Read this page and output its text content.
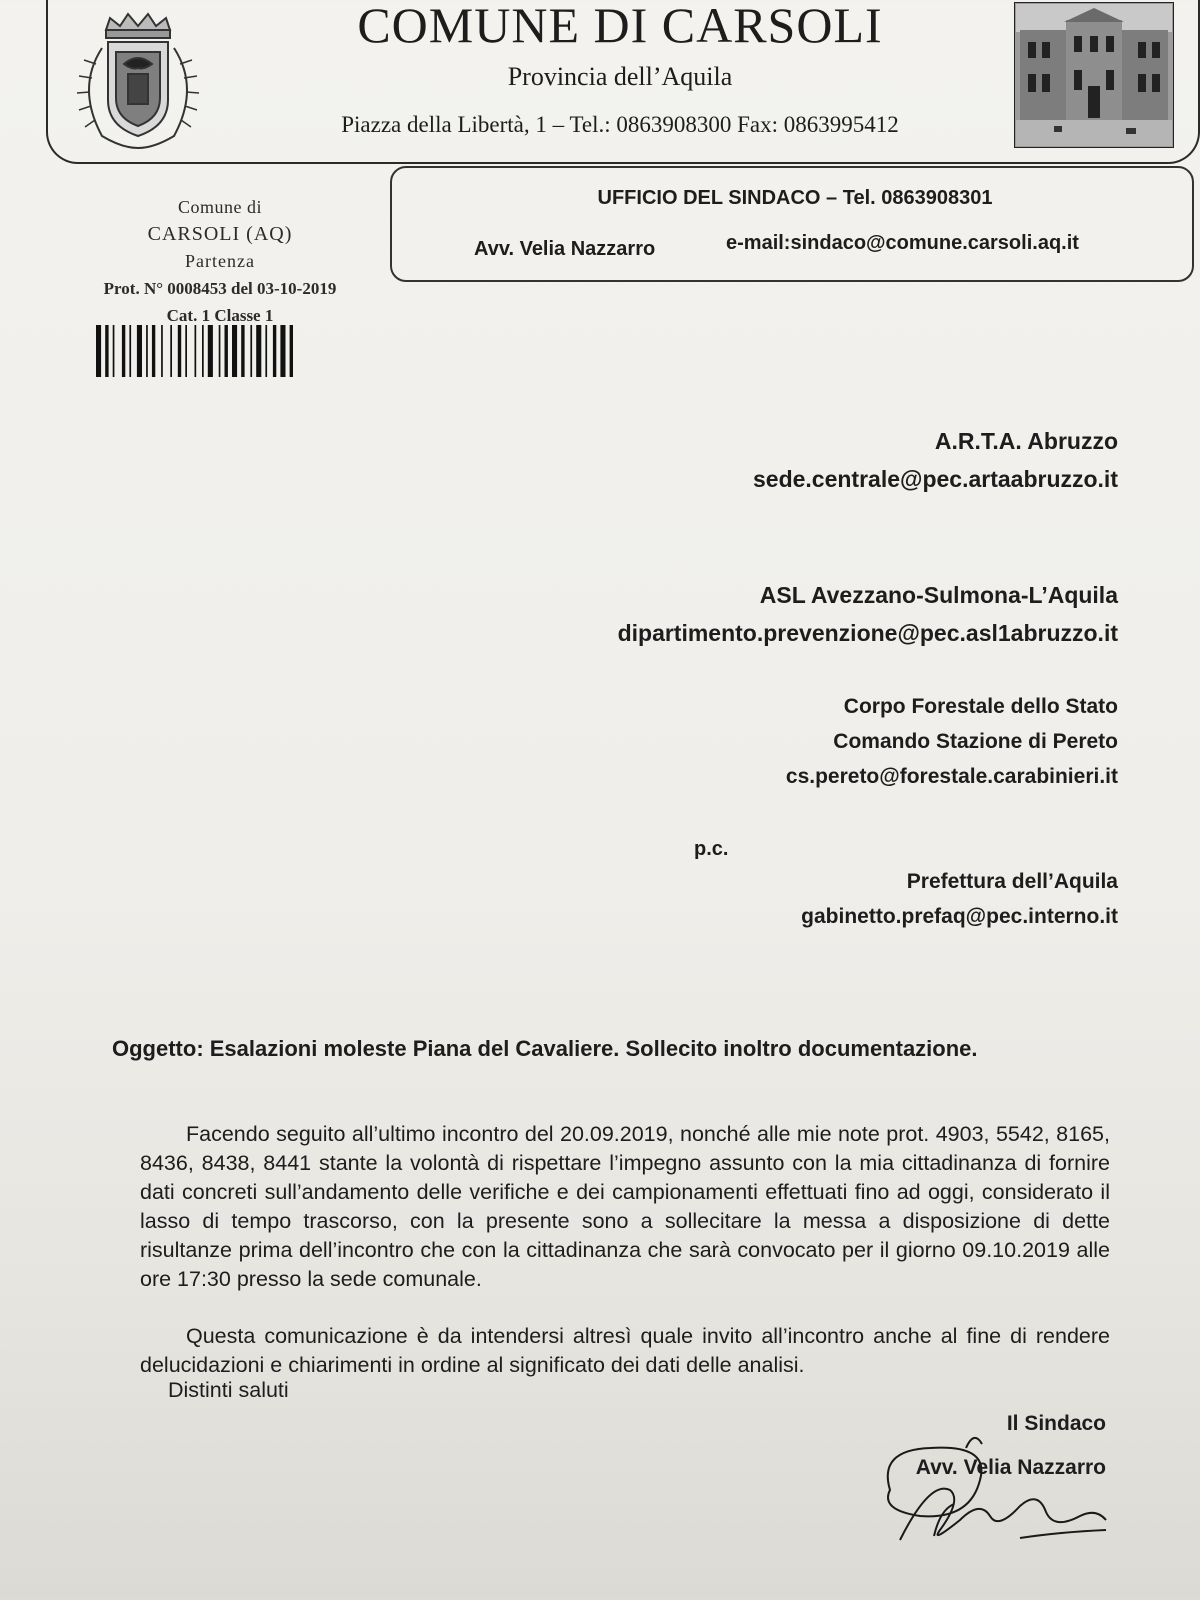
COMUNE DI CARSOLI
Provincia dell’Aquila
Piazza della Libertà, 1 – Tel.: 0863908300 Fax: 0863995412
Comune di
CARSOLI (AQ)
Partenza
Prot. N° 0008453 del 03-10-2019
Cat. 1 Classe 1
UFFICIO DEL SINDACO – Tel. 0863908301
Avv. Velia Nazzarro	e-mail:sindaco@comune.carsoli.aq.it
A.R.T.A. Abruzzo
sede.centrale@pec.artaabruzzo.it
ASL Avezzano-Sulmona-L’Aquila
dipartimento.prevenzione@pec.asl1abruzzo.it
Corpo Forestale dello Stato
Comando Stazione di Pereto
cs.pereto@forestale.carabinieri.it
p.c.
Prefettura dell’Aquila
gabinetto.prefaq@pec.interno.it
Oggetto: Esalazioni moleste Piana del Cavaliere. Sollecito inoltro documentazione.
Facendo seguito all’ultimo incontro del 20.09.2019, nonché alle mie note prot. 4903, 5542, 8165, 8436, 8438, 8441 stante la volontà di rispettare l’impegno assunto con la mia cittadinanza di fornire dati concreti sull’andamento delle verifiche e dei campionamenti effettuati fino ad oggi, considerato il lasso di tempo trascorso, con la presente sono a sollecitare la messa a disposizione di dette risultanze prima dell’incontro che con la cittadinanza che sarà convocato per il giorno 09.10.2019 alle ore 17:30 presso la sede comunale.
Questa comunicazione è da intendersi altresì quale invito all’incontro anche al fine di rendere delucidazioni e chiarimenti in ordine al significato dei dati delle analisi.
Distinti saluti
Il Sindaco
Avv. Velia Nazzarro
